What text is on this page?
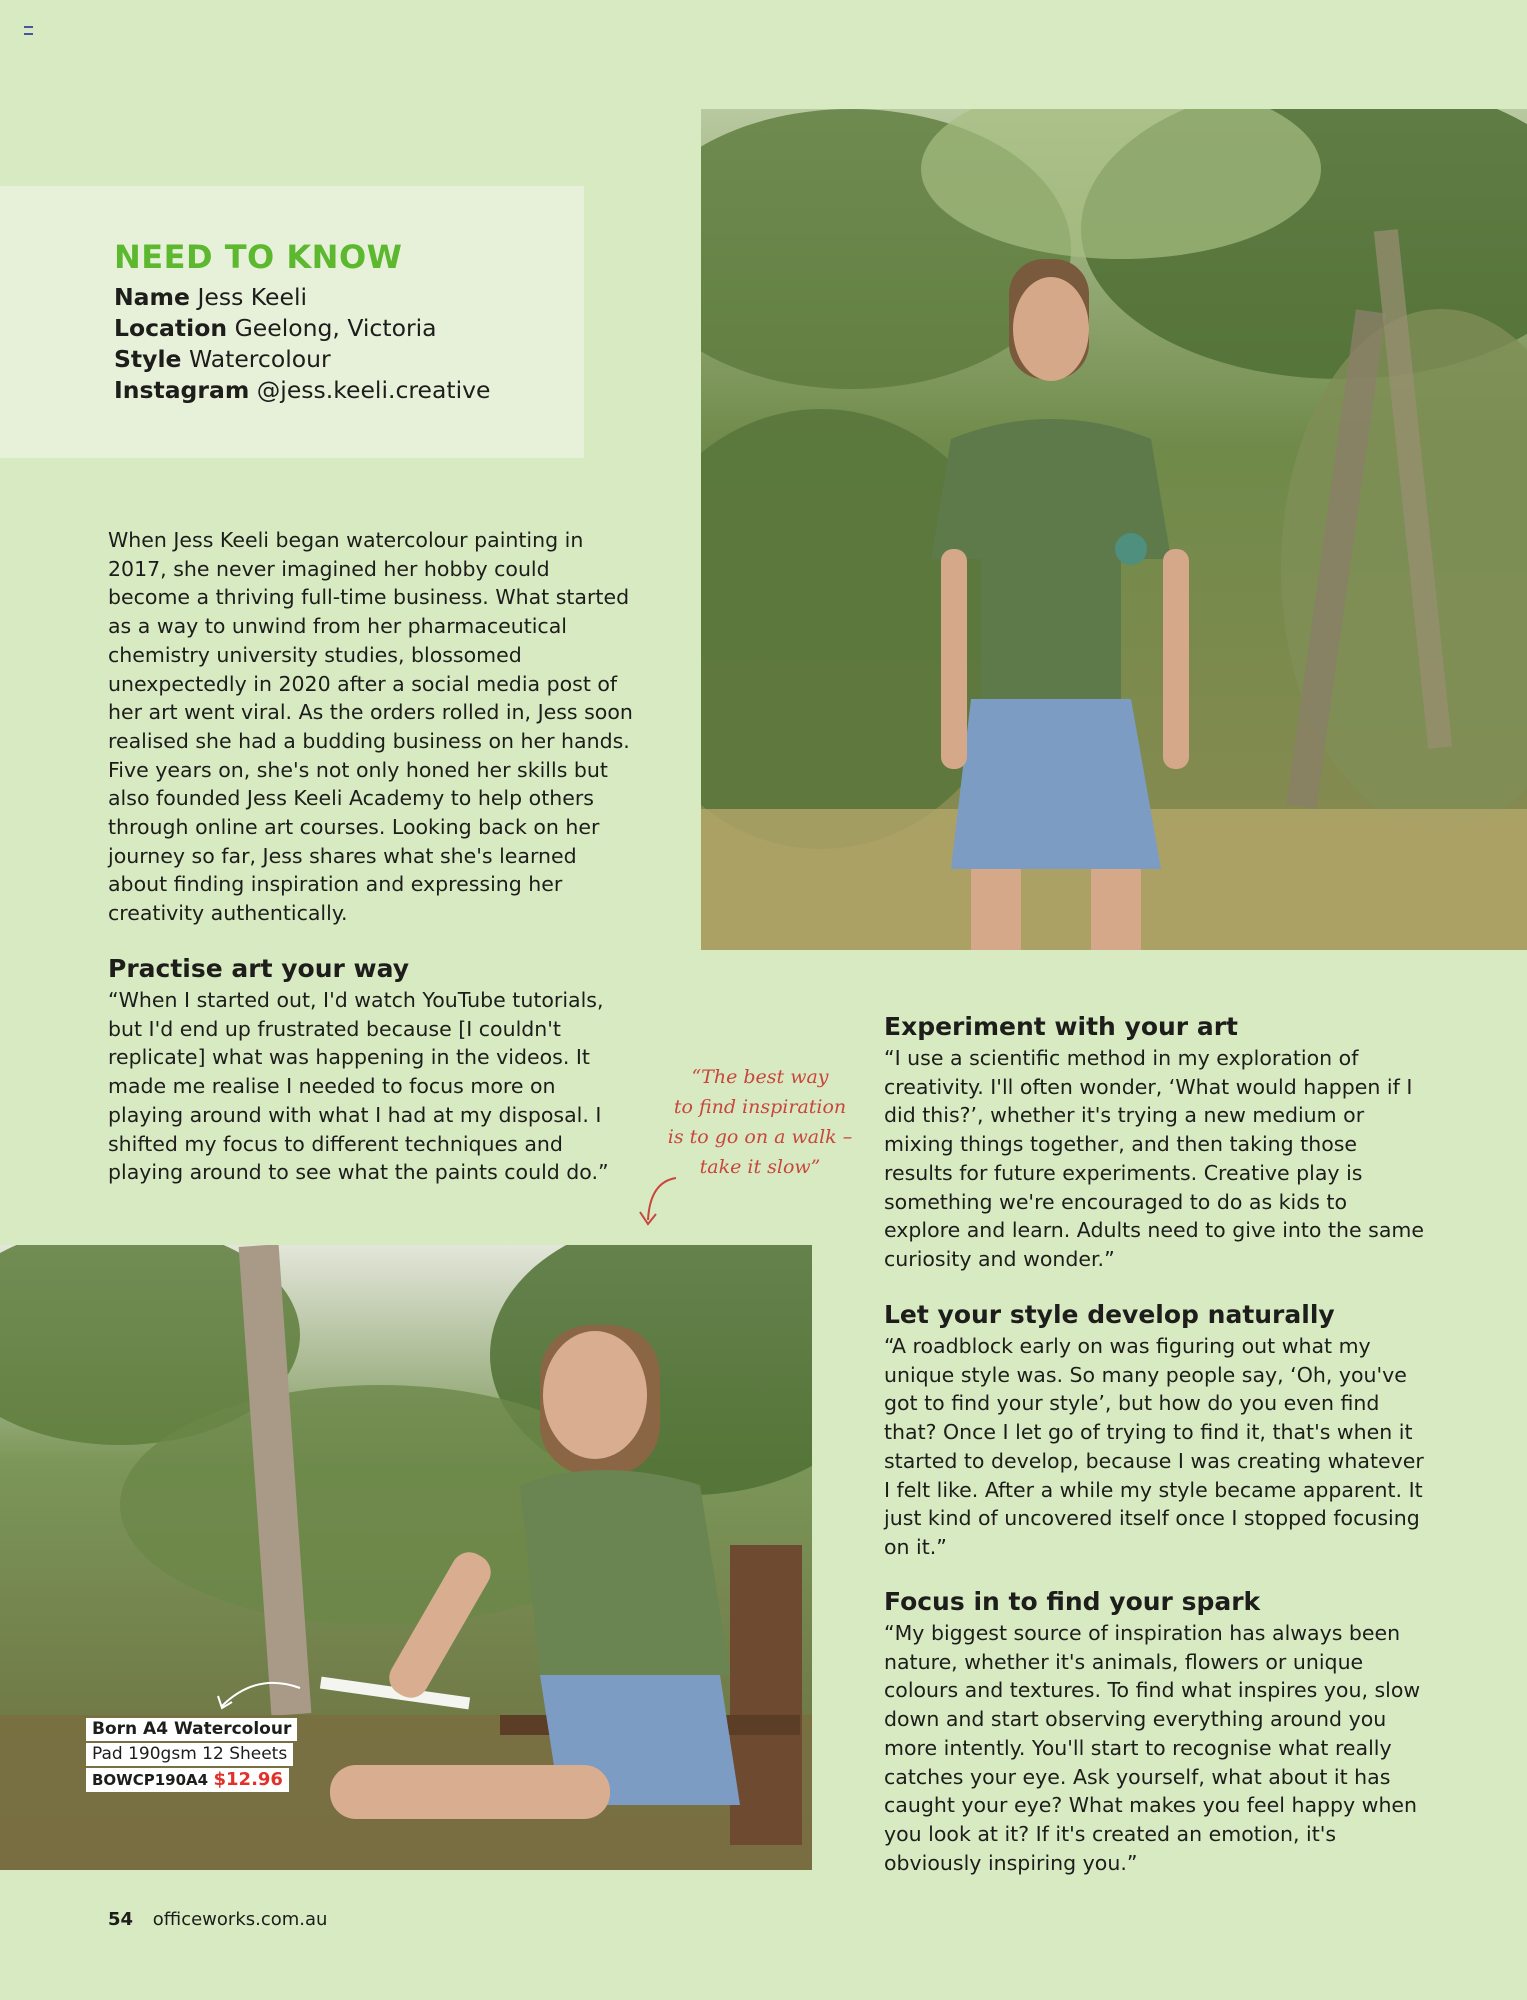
NEED TO KNOW
Name Jess Keeli
Location Geelong, Victoria
Style Watercolour
Instagram @jess.keeli.creative
When Jess Keeli began watercolour painting in 2017, she never imagined her hobby could become a thriving full-time business. What started as a way to unwind from her pharmaceutical chemistry university studies, blossomed unexpectedly in 2020 after a social media post of her art went viral. As the orders rolled in, Jess soon realised she had a budding business on her hands. Five years on, she's not only honed her skills but also founded Jess Keeli Academy to help others through online art courses. Looking back on her journey so far, Jess shares what she's learned about finding inspiration and expressing her creativity authentically.
Practise art your way
“When I started out, I'd watch YouTube tutorials, but I'd end up frustrated because [I couldn't replicate] what was happening in the videos. It made me realise I needed to focus more on playing around with what I had at my disposal. I shifted my focus to different techniques and playing around to see what the paints could do.”
“The best way
to find inspiration
is to go on a walk –
take it slow”
Experiment with your art
“I use a scientific method in my exploration of creativity. I'll often wonder, ‘What would happen if I did this?’, whether it's trying a new medium or mixing things together, and then taking those results for future experiments. Creative play is something we're encouraged to do as kids to explore and learn. Adults need to give into the same curiosity and wonder.”
Let your style develop naturally
“A roadblock early on was figuring out what my unique style was. So many people say, ‘Oh, you've got to find your style’, but how do you even find that? Once I let go of trying to find it, that's when it started to develop, because I was creating whatever I felt like. After a while my style became apparent. It just kind of uncovered itself once I stopped focusing on it.”
Focus in to find your spark
“My biggest source of inspiration has always been nature, whether it's animals, flowers or unique colours and textures. To find what inspires you, slow down and start observing everything around you more intently. You'll start to recognise what really catches your eye. Ask yourself, what about it has caught your eye? What makes you feel happy when you look at it? If it's created an emotion, it's obviously inspiring you.”
Born A4 Watercolour
Pad 190gsm 12 Sheets
BOWCP190A4 $12.96
54 officeworks.com.au
